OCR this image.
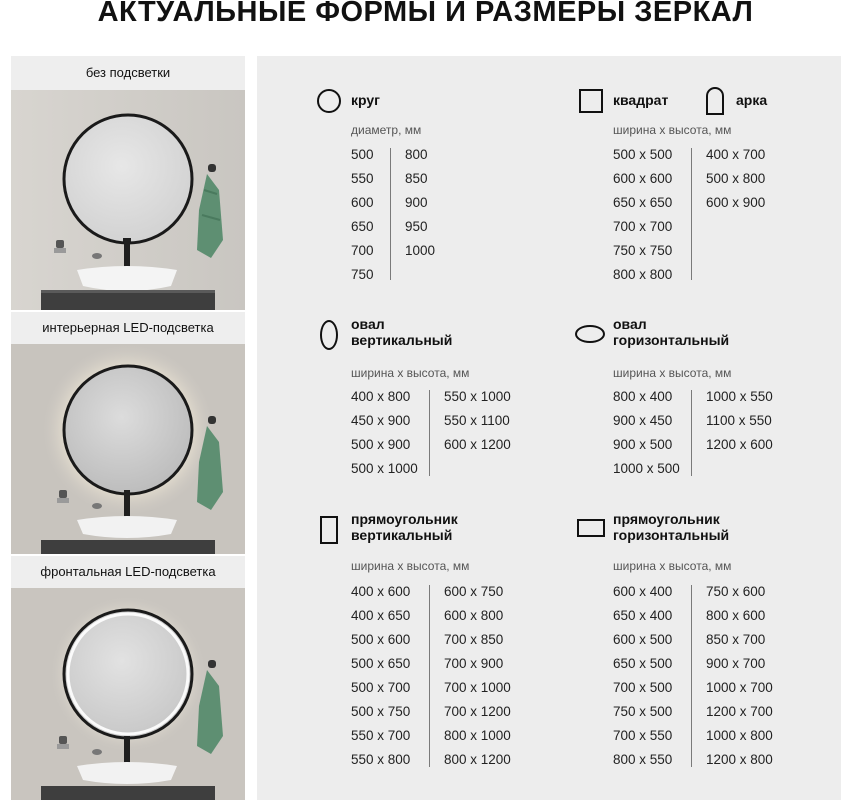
АКТУАЛЬНЫЕ ФОРМЫ И РАЗМЕРЫ ЗЕРКАЛ
без подсветки
интерьерная LED-подсветка
фронтальная LED-подсветка
круг
диаметр, мм
500
550
600
650
700
750
800
850
900
950
1000
квадрат	арка
ширина х высота, мм
500 х 500
600 х 600
650 х 650
700 х 700
750 х 750
800 х 800
400 х 700
500 х 800
600 х 900
овал
вертикальный
ширина х высота, мм
400 х 800
450 х 900
500 х 900
500 х 1000
550 х 1000
550 х 1100
600 х 1200
овал
горизонтальный
ширина х высота, мм
800 х 400
900 х 450
900 х 500
1000 х 500
1000 х 550
1100 х 550
1200 х 600
прямоугольник
вертикальный
ширина х высота, мм
400 х 600
400 х 650
500 х 600
500 х 650
500 х 700
500 х 750
550 х 700
550 х 800
600 х 750
600 х 800
700 х 850
700 х 900
700 х 1000
700 х 1200
800 х 1000
800 х 1200
прямоугольник
горизонтальный
ширина х высота, мм
600 х 400
650 х 400
600 х 500
650 х 500
700 х 500
750 х 500
700 х 550
800 х 550
750 х 600
800 х 600
850 х 700
900 х 700
1000 х 700
1200 х 700
1000 х 800
1200 х 800
